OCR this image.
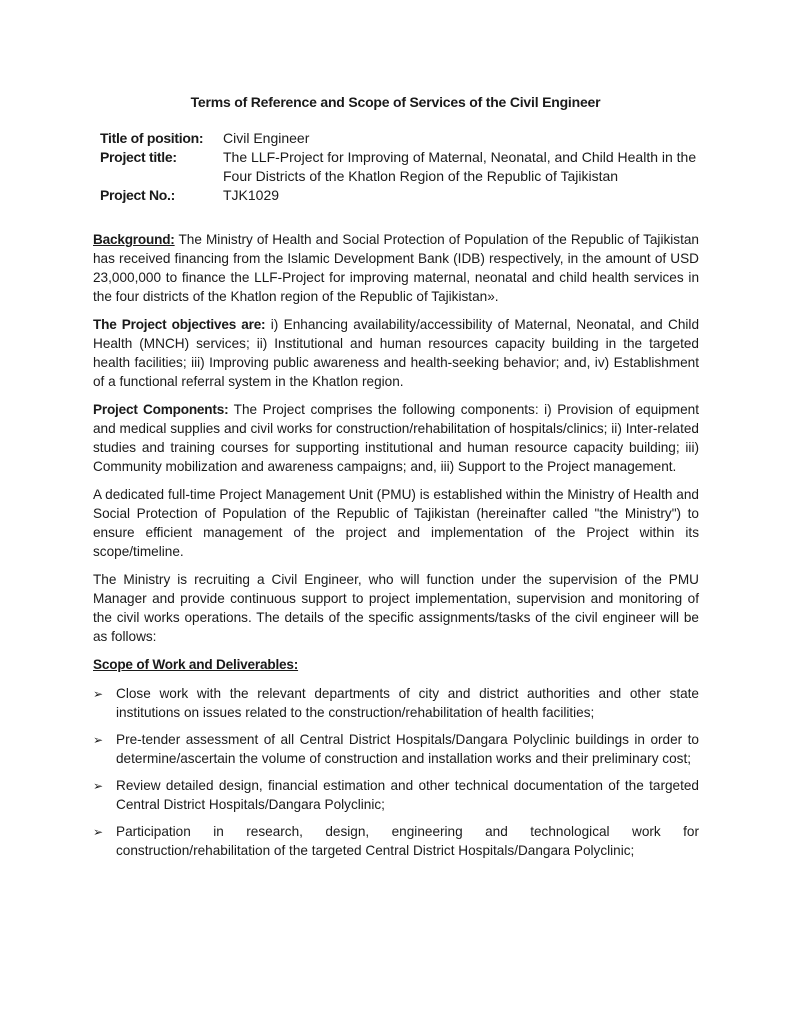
Terms of Reference and Scope of Services of the Civil Engineer
Title of position:	Civil Engineer
Project title:	The LLF-Project for Improving of Maternal, Neonatal, and Child Health in the Four Districts of the Khatlon Region of the Republic of Tajikistan
Project No.:	TJK1029

Background: The Ministry of Health and Social Protection of Population of the Republic of Tajikistan has received financing from the Islamic Development Bank (IDB) respectively, in the amount of USD 23,000,000 to finance the LLF-Project for improving maternal, neonatal and child health services in the four districts of the Khatlon region of the Republic of Tajikistan».

The Project objectives are: i) Enhancing availability/accessibility of Maternal, Neonatal, and Child Health (MNCH) services; ii) Institutional and human resources capacity building in the targeted health facilities; iii) Improving public awareness and health-seeking behavior; and, iv) Establishment of a functional referral system in the Khatlon region.

Project Components: The Project comprises the following components: i) Provision of equipment and medical supplies and civil works for construction/rehabilitation of hospitals/clinics; ii) Inter-related studies and training courses for supporting institutional and human resource capacity building; iii) Community mobilization and awareness campaigns; and, iii) Support to the Project management.

A dedicated full-time Project Management Unit (PMU) is established within the Ministry of Health and Social Protection of Population of the Republic of Tajikistan (hereinafter called "the Ministry") to ensure efficient management of the project and implementation of the Project within its scope/timeline.

The Ministry is recruiting a Civil Engineer, who will function under the supervision of the PMU Manager and provide continuous support to project implementation, supervision and monitoring of the civil works operations. The details of the specific assignments/tasks of the civil engineer will be as follows:

Scope of Work and Deliverables:
➢ Close work with the relevant departments of city and district authorities and other state institutions on issues related to the construction/rehabilitation of health facilities;
➢ Pre-tender assessment of all Central District Hospitals/Dangara Polyclinic buildings in order to determine/ascertain the volume of construction and installation works and their preliminary cost;
➢ Review detailed design, financial estimation and other technical documentation of the targeted Central District Hospitals/Dangara Polyclinic;
➢ Participation in research, design, engineering and technological work for construction/rehabilitation of the targeted Central District Hospitals/Dangara Polyclinic;
